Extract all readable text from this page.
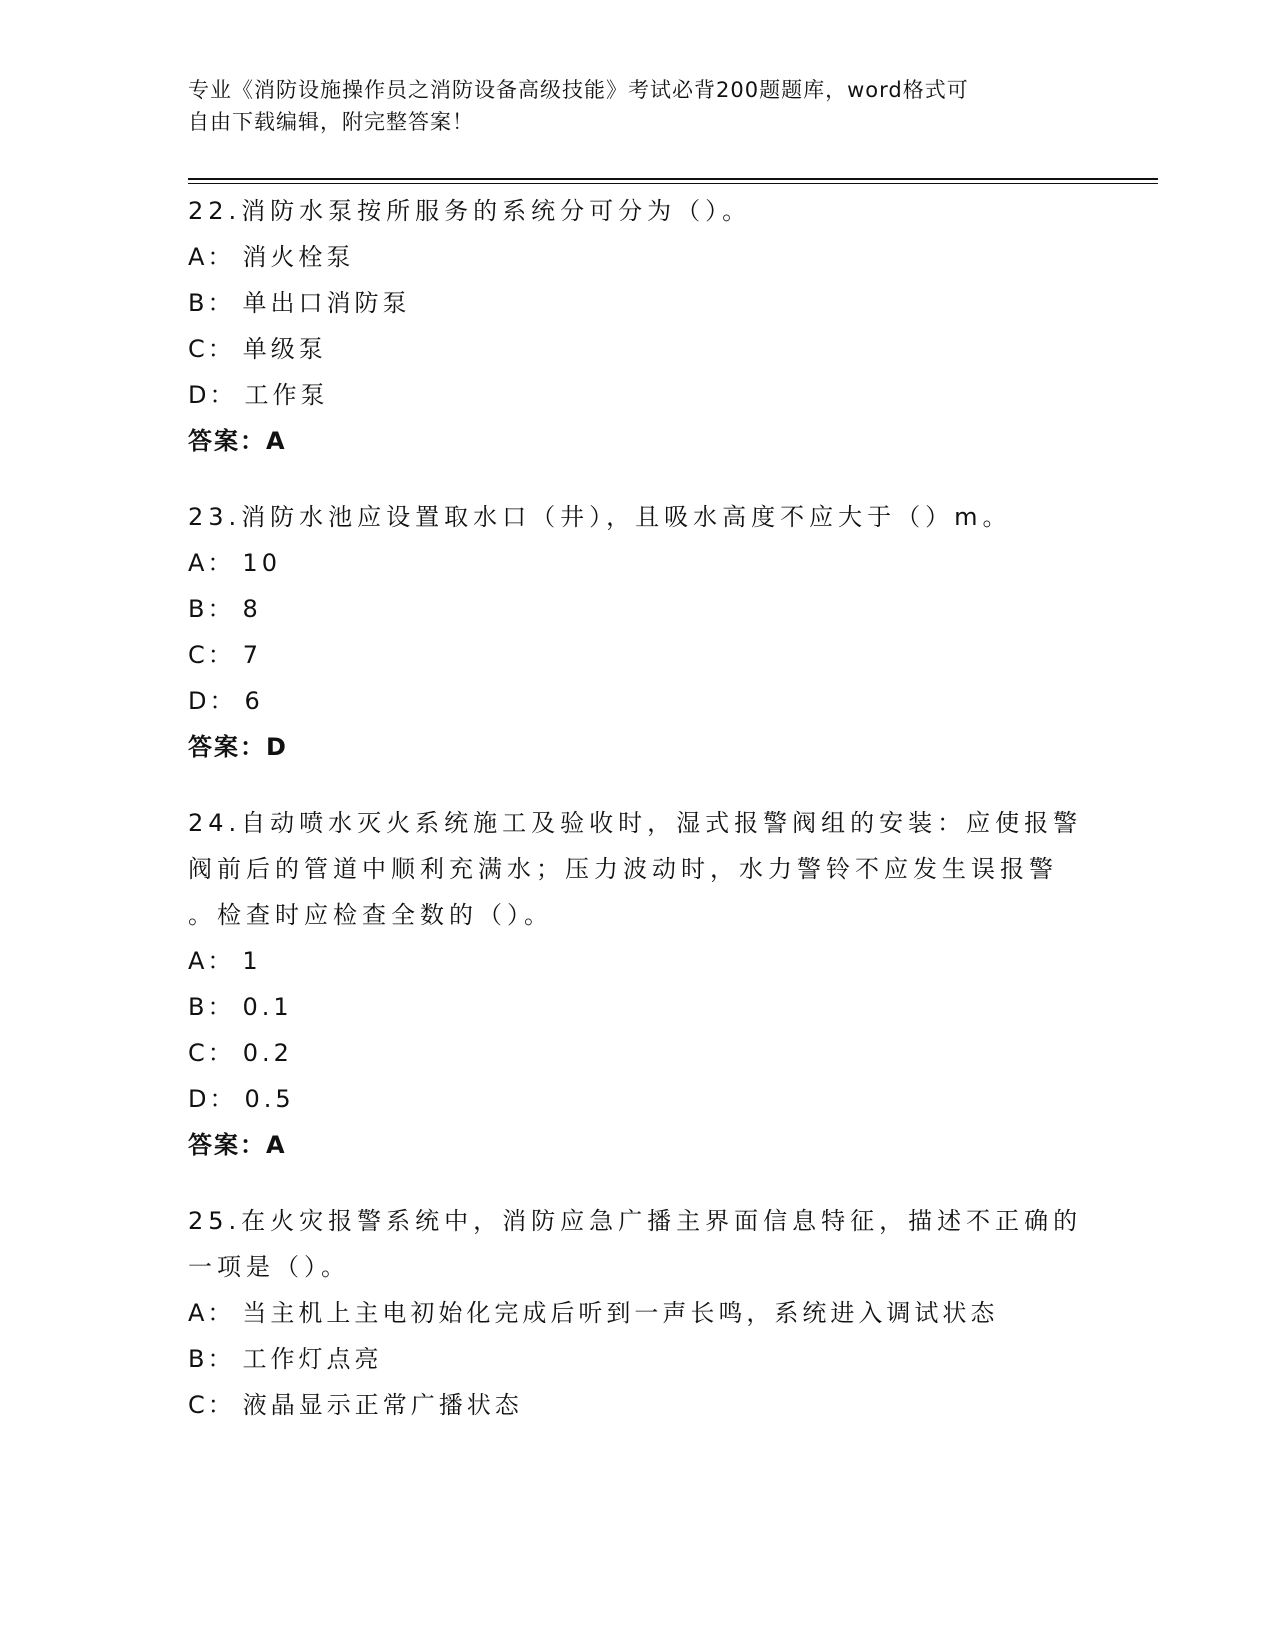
专业《消防设施操作员之消防设备高级技能》考试必背200题题库，word格式可
自由下载编辑，附完整答案！
22.消防水泵按所服务的系统分可分为（）。
A： 消火栓泵
B： 单出口消防泵
C： 单级泵
D： 工作泵
答案：A
23.消防水池应设置取水口（井），且吸水高度不应大于（）m。
A： 10
B： 8
C： 7
D： 6
答案：D
24.自动喷水灭火系统施工及验收时，湿式报警阀组的安装：应使报警
阀前后的管道中顺利充满水；压力波动时，水力警铃不应发生误报警
。检查时应检查全数的（）。
A： 1
B： 0.1
C： 0.2
D： 0.5
答案：A
25.在火灾报警系统中，消防应急广播主界面信息特征，描述不正确的
一项是（）。
A： 当主机上主电初始化完成后听到一声长鸣，系统进入调试状态
B： 工作灯点亮
C： 液晶显示正常广播状态
